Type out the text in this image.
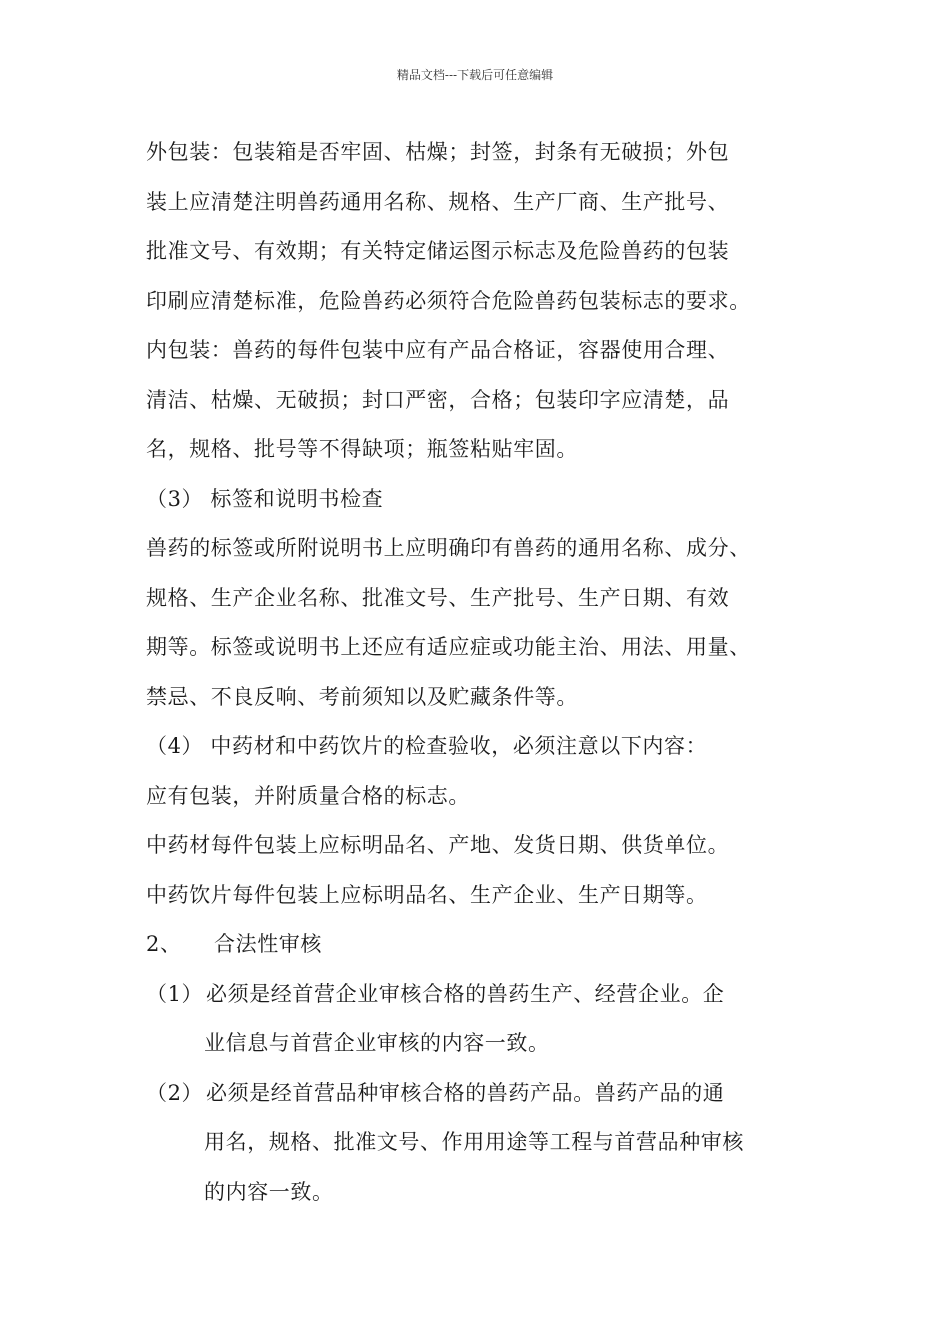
精品文档---下载后可任意编辑
外包装：包装箱是否牢固、枯燥；封签，封条有无破损；外包
装上应清楚注明兽药通用名称、规格、生产厂商、生产批号、
批准文号、有效期；有关特定储运图示标志及危险兽药的包装
印刷应清楚标准，危险兽药必须符合危险兽药包装标志的要求。
内包装：兽药的每件包装中应有产品合格证，容器使用合理、
清洁、枯燥、无破损；封口严密，合格；包装印字应清楚，品
名，规格、批号等不得缺项；瓶签粘贴牢固。
（3） 标签和说明书检查
兽药的标签或所附说明书上应明确印有兽药的通用名称、成分、
规格、生产企业名称、批准文号、生产批号、生产日期、有效
期等。标签或说明书上还应有适应症或功能主治、用法、用量、
禁忌、不良反响、考前须知以及贮藏条件等。
（4） 中药材和中药饮片的检查验收，必须注意以下内容：
应有包装，并附质量合格的标志。
中药材每件包装上应标明品名、产地、发货日期、供货单位。
中药饮片每件包装上应标明品名、生产企业、生产日期等。
2、 合法性审核
（1） 必须是经首营企业审核合格的兽药生产、经营企业。企
业信息与首营企业审核的内容一致。
（2） 必须是经首营品种审核合格的兽药产品。兽药产品的通
用名，规格、批准文号、作用用途等工程与首营品种审核
的内容一致。
